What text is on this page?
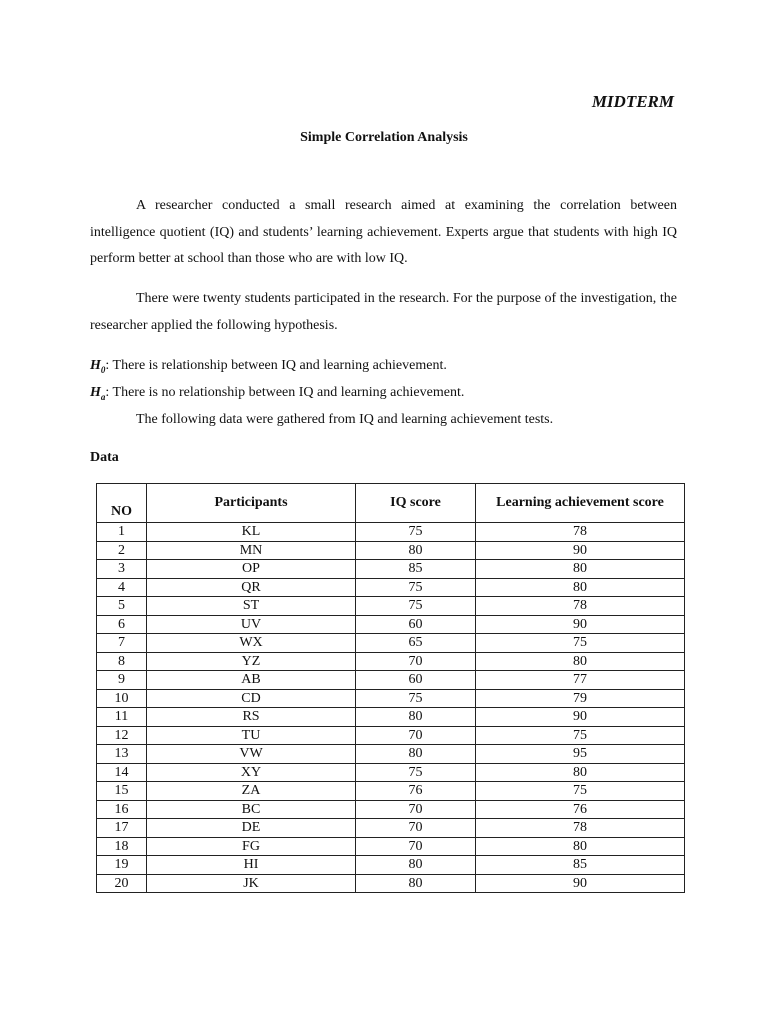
MIDTERM
Simple Correlation Analysis

A researcher conducted a small research aimed at examining the correlation between intelligence quotient (IQ) and students’ learning achievement. Experts argue that students with high IQ perform better at school than those who are with low IQ.

There were twenty students participated in the research. For the purpose of the investigation, the researcher applied the following hypothesis.

$H_0$: There is relationship between IQ and learning achievement.
$H_a$: There is no relationship between IQ and learning achievement.
The following data were gathered from IQ and learning achievement tests.
Data
NO	Participants	IQ score	Learning achievement score
1	KL	75	78
2	MN	80	90
3	OP	85	80
4	QR	75	80
5	ST	75	78
6	UV	60	90
7	WX	65	75
8	YZ	70	80
9	AB	60	77
10	CD	75	79
11	RS	80	90
12	TU	70	75
13	VW	80	95
14	XY	75	80
15	ZA	76	75
16	BC	70	76
17	DE	70	78
18	FG	70	80
19	HI	80	85
20	JK	80	90
